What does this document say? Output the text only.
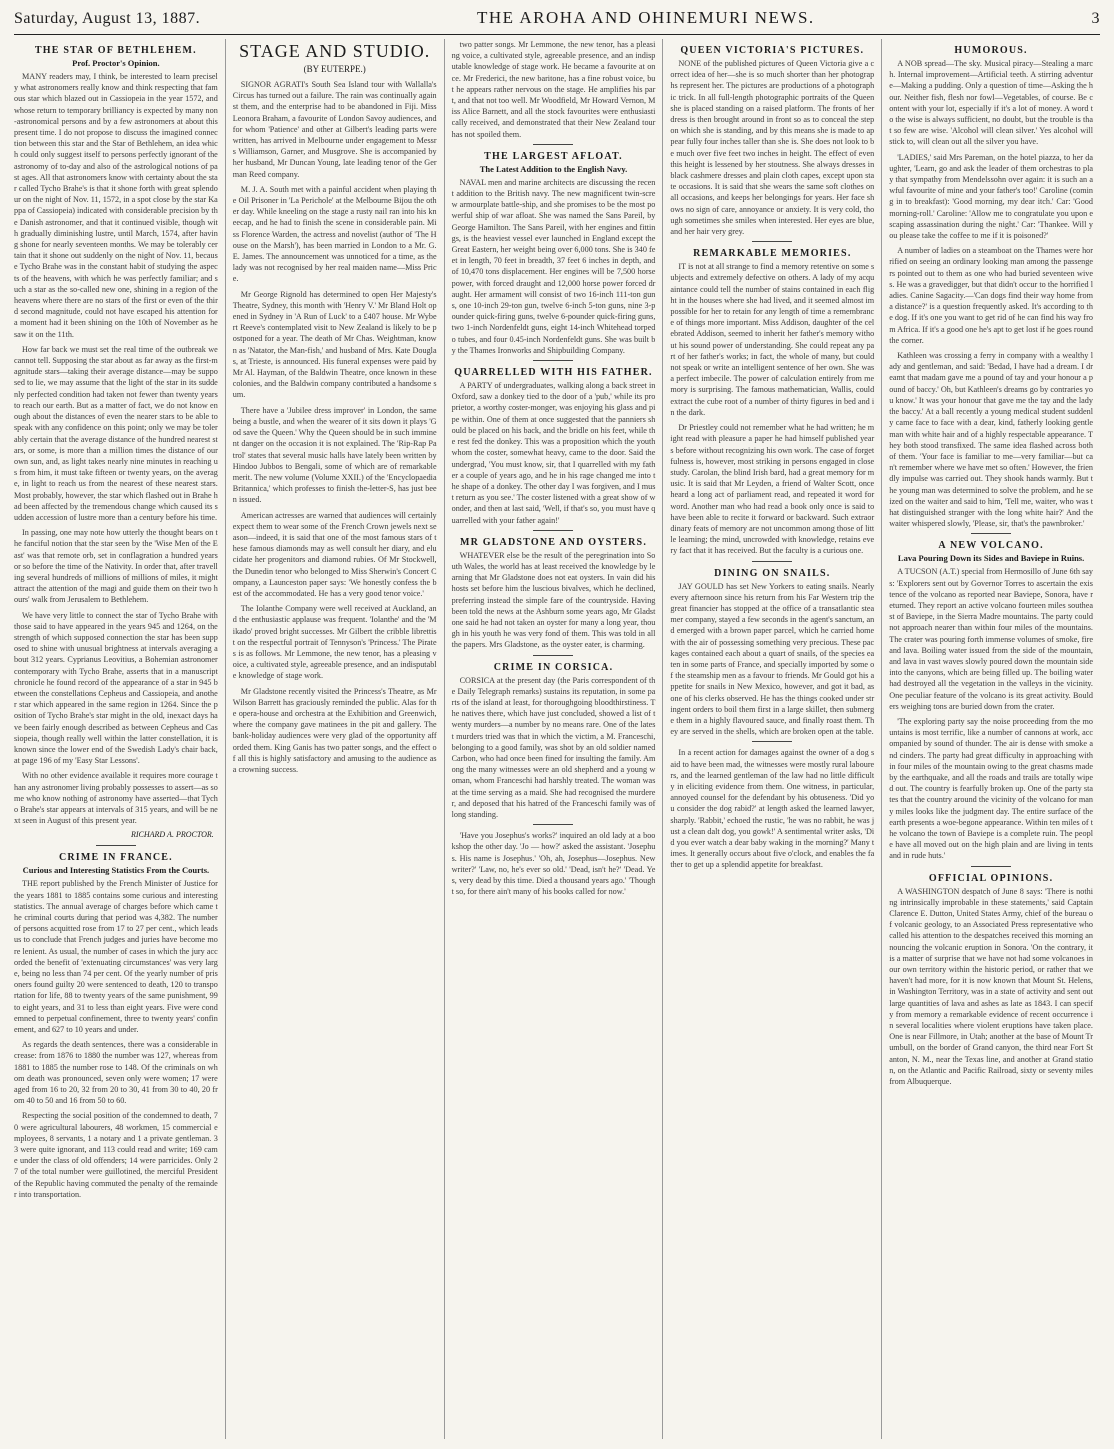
Saturday, August 13, 1887.	THE AROHA AND OHINEMURI NEWS.	3
THE STAR OF BETHLEHEM.
Prof. Proctor's Opinion.

MANY readers may, I think, be interested to learn precisely what astronomers really know and think respecting that famous star which blazed out in Cassiopeia in the year 1572, and whose return to temporary brilliancy is expected by many non-astronomical persons and by a few astronomers at about this present time. I do not propose to discuss the imagined connection between this star and the Star of Bethlehem, an idea which could only suggest itself to persons perfectly ignorant of the astronomy of to-day and also of the astrological notions of past ages. All that astronomers know with certainty about the star called Tycho Brahe's is that it shone forth with great splendour on the night of Nov. 11, 1572, in a spot close by the star Kappa of Cassiopeia) indicated with considerable precision by the Danish astronomer, and that it continued visible, though with gradually diminishing lustre, until March, 1574, after having shone for nearly seventeen months. We may be tolerably certain that it shone out suddenly on the night of Nov. 11, because Tycho Brahe was in the constant habit of studying the aspects of the heavens, with which he was perfectly familiar; and such a star as the so-called new one, shining in a region of the heavens where there are no stars of the first or even of the third second magnitude, could not have escaped his attention for a moment had it been shining on the 10th of November as he saw it on the 11th.

How far back we must set the real time of the outbreak we cannot tell. Supposing the star about as far away as the first-magnitude stars—taking their average distance—may be supposed to lie, we may assume that the light of the star in its suddenly perfected condition had taken not fewer than twenty years to reach our earth. But as a matter of fact, we do not know enough about the distances of even the nearer stars to be able to speak with any confidence on this point; only we may be tolerably certain that the average distance of the hundred nearest stars, or some, is more than a million times the distance of our own sun, and, as light takes nearly nine minutes in reaching us from him, it must take fifteen or twenty years, on the average, in light to reach us from the nearest of these nearest stars. Most probably, however, the star which flashed out in Brahe had been affected by the tremendous change which caused its sudden accession of lustre more than a century before his time.

In passing, one may note how utterly the thought bears on the fanciful notion that the star seen by the 'Wise Men of the East' was that remote orb, set in conflagration a hundred years or so before the time of the Nativity. In order that, after travelling several hundreds of millions of millions of miles, it might attract the attention of the magi and guide them on their two hours' walk from Jerusalem to Bethlehem.

We have very little to connect the star of Tycho Brahe with those said to have appeared in the years 945 and 1264, on the strength of which supposed connection the star has been supposed to shine with unusual brightness at intervals averaging about 312 years. Cyprianus Leovitius, a Bohemian astronomer contemporary with Tycho Brahe, asserts that in a manuscript chronicle he found record of the appearance of a star in 945 between the constellations Cepheus and Cassiopeia, and another star which appeared in the same region in 1264. Since the position of Tycho Brahe's star might in the old, inexact days have been fairly enough described as between Cepheus and Cassiopeia, though really well within the latter constellation, it is known since the lower end of the Swedish Lady's chair back, at page 196 of my 'Easy Star Lessons'.

With no other evidence available it requires more courage than any astronomer living probably possesses to assert—as some who know nothing of astronomy have asserted—that Tycho Brahe's star appears at intervals of 315 years, and will be next seen in August of this present year.

RICHARD A. PROCTOR.
CRIME IN FRANCE.
Curious and Interesting Statistics From the Courts.

THE report published by the French Minister of Justice for the years 1881 to 1885 contains some curious and interesting statistics. The annual average of charges before which came the criminal courts during that period was 4,382. The number of persons acquitted rose from 17 to 27 per cent., which leads us to conclude that French judges and juries have become more lenient. As usual, the number of cases in which the jury accorded the benefit of 'extenuating circumstances' was very large, being no less than 74 per cent. Of the yearly number of prisoners found guilty 20 were sentenced to death, 120 to transportation for life, 88 to twenty years of the same punishment, 99 to eight years, and 31 to less than eight years. Five were condemned to perpetual confinement, three to twenty years' confinement, and 627 to 10 years and under.

As regards the death sentences, there was a considerable increase: from 1876 to 1880 the number was 127, whereas from 1881 to 1885 the number rose to 148. Of the criminals on whom death was pronounced, seven only were women; 17 were aged from 16 to 20, 32 from 20 to 30, 41 from 30 to 40, 20 from 40 to 50 and 16 from 50 to 60.

Respecting the social position of the condemned to death, 70 were agricultural labourers, 48 workmen, 15 commercial employees, 8 servants, 1 a notary and 1 a private gentleman. 33 were quite ignorant, and 113 could read and write; 169 came under the class of old offenders; 14 were parricides. Only 27 of the total number were guillotined, the merciful President of the Republic having commuted the penalty of the remainder into transportation.

STAGE AND STUDIO.
(BY EUTERPE.)

SIGNOR AGRATI's South Sea Island tour with Wallalla's Circus has turned out a failure. The rain was continually against them, and the enterprise had to be abandoned in Fiji. Miss Leonora Braham, a favourite of London Savoy audiences, and for whom 'Patience' and other at Gilbert's leading parts were written, has arrived in Melbourne under engagement to Messrs Williamson, Garner, and Musgrove. She is accompanied by her husband, Mr Duncan Young, late leading tenor of the German Reed company.

M. J. A. South met with a painful accident when playing the Oil Prisoner in 'La Perichole' at the Melbourne Bijou the other day. While kneeling on the stage a rusty nail ran into his kneecap, and he had to finish the scene in considerable pain. Miss Florence Warden, the actress and novelist (author of 'The House on the Marsh'), has been married in London to a Mr. G. E. James. The announcement was unnoticed for a time, as the lady was not recognised by her real maiden name—Miss Price.

Mr George Rignold has determined to open Her Majesty's Theatre, Sydney, this month with 'Henry V.' Mr Bland Holt opened in Sydney in 'A Run of Luck' to a £407 house. Mr Wybert Reeve's contemplated visit to New Zealand is likely to be postponed for a year. The death of Mr Chas. Weightman, known as 'Natator, the Man-fish,' and husband of Mrs. Kate Douglas, at Trieste, is announced. His funeral expenses were paid by Mr Al. Hayman, of the Baldwin Theatre, once known in these colonies, and the Baldwin company contributed a handsome sum.

There have a 'Jubilee dress improver' in London, the same being a bustle, and when the wearer of it sits down it plays 'God save the Queen.' Why the Queen should be in such imminent danger on the occasion it is not explained. The 'Rip-Rap Patrol' states that several music halls have lately been written by Hindoo Jubbos to Bengali, some of which are of remarkable merit. The new volume (Volume XXII.) of the 'Encyclopaedia Britannica,' which professes to finish the-letter-S, has just been issued.

American actresses are warned that audiences will certainly expect them to wear some of the French Crown jewels next season—indeed, it is said that one of the most famous stars of these famous diamonds may as well consult her diary, and elucidate her progenitors and diamond rubies. Of Mr Stockwell, the Dunedin tenor who belonged to Miss Sherwin's Concert Company, a Launceston paper says: 'We honestly confess the best of the accommodated. He has a very good tenor voice.'

The Iolanthe Company were well received at Auckland, and the enthusiastic applause was frequent. 'Iolanthe' and the 'Mikado' proved bright successes. Mr Gilbert the cribble librettist on the respectful portrait of Tennyson's 'Princess.' The Pirates is as follows. Mr Lemmone, the new tenor, has a pleasing voice, a cultivated style, agreeable presence, and an indisputable knowledge of stage work.

Mr Gladstone recently visited the Princess's Theatre, as Mr Wilson Barrett has graciously reminded the public. Alas for the opera-house and orchestra at the Exhibition and Greenwich, where the company gave matinees in the pit and gallery. The bank-holiday audiences were very glad of the opportunity afforded them. King Ganis has two patter songs, and the effect of all this is highly satisfactory and amusing to the audience as a crowning success.

two patter songs. Mr Lemmone, the new tenor, has a pleasing voice, a cultivated style, agreeable presence, and an indisputable knowledge of stage work. He became a favourite at once. Mr Frederici, the new baritone, has a fine robust voice, but he appears rather nervous on the stage. He amplifies his part, and that not too well. Mr Woodfield, Mr Howard Vernon, Miss Alice Barnett, and all the stock favourites were enthusiastically received, and demonstrated that their New Zealand tour has not spoiled them.

THE LARGEST AFLOAT.
The Latest Addition to the English Navy.

NAVAL men and marine architects are discussing the recent addition to the British navy. The new magnificent twin-screw armourplate battle-ship, and she promises to be the most powerful ship of war afloat. She was named the Sans Pareil, by George Hamilton. The Sans Pareil, with her engines and fittings, is the heaviest vessel ever launched in England except the Great Eastern, her weight being over 6,000 tons. She is 340 feet in length, 70 feet in breadth, 37 feet 6 inches in depth, and of 10,470 tons displacement. Her engines will be 7,500 horse power, with forced draught and 12,000 horse power forced draught. Her armament will consist of two 16-inch 111-ton guns, one 10-inch 29-ton gun, twelve 6-inch 5-ton guns, nine 3-pounder quick-firing guns, twelve 6-pounder quick-firing guns, two 1-inch Nordenfeldt guns, eight 14-inch Whitehead torpedo tubes, and four 0.45-inch Nordenfeldt guns. She was built by the Thames Ironworks and Shipbuilding Company.

QUARRELLED WITH HIS FATHER.

A PARTY of undergraduates, walking along a back street in Oxford, saw a donkey tied to the door of a 'pub,' while its proprietor, a worthy coster-monger, was enjoying his glass and pipe within. One of them at once suggested that the panniers should be placed on his back, and the bridle on his feet, while the rest fed the donkey. This was a proposition which the youth whom the coster, somewhat heavy, came to the door. Said the undergrad, 'You must know, sir, that I quarrelled with my father a couple of years ago, and he in his rage changed me into the shape of a donkey. The other day I was forgiven, and I must return as you see.' The coster listened with a great show of wonder, and then at last said, 'Well, if that's so, you must have quarrelled with your father again!'

MR GLADSTONE AND OYSTERS.

WHATEVER else be the result of the peregrination into South Wales, the world has at least received the knowledge by learning that Mr Gladstone does not eat oysters. In vain did his hosts set before him the luscious bivalves, which he declined, preferring instead the simple fare of the countryside. Having been told the news at the Ashburn some years ago, Mr Gladstone said he had not taken an oyster for many a long year, though in his youth he was very fond of them. This was told in all the papers. Mrs Gladstone, as the oyster eater, is charming.

CRIME IN CORSICA.

CORSICA at the present day (the Paris correspondent of the Daily Telegraph remarks) sustains its reputation, in some parts of the island at least, for thoroughgoing bloodthirstiness. The natives there, which have just concluded, showed a list of twenty murders—a number by no means rare. One of the latest murders tried was that in which the victim, a M. Franceschi, belonging to a good family, was shot by an old soldier named Carbon, who had once been fined for insulting the family. Among the many witnesses were an old shepherd and a young woman, whom Franceschi had harshly treated. The woman was at the time serving as a maid. She had recognised the murderer, and deposed that his hatred of the Franceschi family was of long standing.

'Have you Josephus's works?' inquired an old lady at a bookshop the other day. 'Jo — how?' asked the assistant. 'Josephus. His name is Josephus.' 'Oh, ah, Josephus—Josephus. New writer?' 'Law, no, he's ever so old.' 'Dead, isn't he?' 'Dead. Yes, very dead by this time. Died a thousand years ago.' 'Thought so, for there ain't many of his books called for now.'

QUEEN VICTORIA'S PICTURES.

NONE of the published pictures of Queen Victoria give a correct idea of her—she is so much shorter than her photographs represent her. The pictures are productions of a photographic trick. In all full-length photographic portraits of the Queen she is placed standing on a raised platform. The fronts of her dress is then brought around in front so as to conceal the step on which she is standing, and by this means she is made to appear fully four inches taller than she is. She does not look to be much over five feet two inches in height. The effect of even this height is lessened by her stoutness. She always dresses in black cashmere dresses and plain cloth capes, except upon state occasions. It is said that she wears the same soft clothes on all occasions, and keeps her belongings for years. Her face shows no sign of care, annoyance or anxiety. It is very cold, though sometimes she smiles when interested. Her eyes are blue, and her hair very grey.

REMARKABLE MEMORIES.

IT is not at all strange to find a memory retentive on some subjects and extremely defective on others. A lady of my acquaintance could tell the number of stains contained in each flight in the houses where she had lived, and it seemed almost impossible for her to retain for any length of time a remembrance of things more important. Miss Addison, daughter of the celebrated Addison, seemed to inherit her father's memory without his sound power of understanding. She could repeat any part of her father's works; in fact, the whole of many, but could not speak or write an intelligent sentence of her own. She was a perfect imbecile. The power of calculation entirely from memory is surprising. The famous mathematician, Wallis, could extract the cube root of a number of thirty figures in bed and in the dark.

Dr Priestley could not remember what he had written; he might read with pleasure a paper he had himself published years before without recognizing his own work. The case of forgetfulness is, however, most striking in persons engaged in close study. Carolan, the blind Irish bard, had a great memory for music. It is said that Mr Leyden, a friend of Walter Scott, once heard a long act of parliament read, and repeated it word for word. Another man who had read a book only once is said to have been able to recite it forward or backward. Such extraordinary feats of memory are not uncommon among those of little learning; the mind, uncrowded with knowledge, retains every fact that it has received. But the faculty is a curious one.

DINING ON SNAILS.

JAY GOULD has set New Yorkers to eating snails. Nearly every afternoon since his return from his Far Western trip the great financier has stopped at the office of a transatlantic steamer company, stayed a few seconds in the agent's sanctum, and emerged with a brown paper parcel, which he carried home with the air of possessing something very precious. These packages contained each about a quart of snails, of the species eaten in some parts of France, and specially imported by some of the steamship men as a favour to friends. Mr Gould got his appetite for snails in New Mexico, however, and got it bad, as one of his clerks observed. He has the things cooked under stringent orders to boil them first in a large skillet, then submerge them in a highly flavoured sauce, and finally roast them. They are served in the shells, which are broken open at the table.

In a recent action for damages against the owner of a dog said to have been mad, the witnesses were mostly rural labourers, and the learned gentleman of the law had no little difficulty in eliciting evidence from them. One witness, in particular, annoyed counsel for the defendant by his obtuseness. 'Did you consider the dog rabid?' at length asked the learned lawyer, sharply. 'Rabbit,' echoed the rustic, 'he was no rabbit, he was just a clean dalt dog, you gowk!' A sentimental writer asks, 'Did you ever watch a dear baby waking in the morning?' Many times. It generally occurs about five o'clock, and enables the father to get up a splendid appetite for breakfast.

HUMOROUS.

A NOB spread—The sky. Musical piracy—Stealing a march. Internal improvement—Artificial teeth. A stirring adventure—Making a pudding. Only a question of time—Asking the hour. Neither fish, flesh nor fowl—Vegetables, of course. Be content with your lot, especially if it's a lot of money. A word to the wise is always sufficient, no doubt, but the trouble is that so few are wise. 'Alcohol will clean silver.' Yes alcohol will stick to, will clean out all the silver you have.

'LADIES,' said Mrs Pareman, on the hotel piazza, to her daughter, 'Learn, go and ask the leader of them orchestras to play that sympathy from Mendelssohn over again: it is such an awful favourite of mine and your father's too!' Caroline (coming in to breakfast): 'Good morning, my dear itch.' Car: 'Good morning-roll.' Caroline: 'Allow me to congratulate you upon escaping assassination during the night.' Car: 'Thankee. Will you please take the coffee to me if it is poisoned?'

A number of ladies on a steamboat on the Thames were horrified on seeing an ordinary looking man among the passengers pointed out to them as one who had buried seventeen wives. He was a gravedigger, but that didn't occur to the horrified ladies. Canine Sagacity.—'Can dogs find their way home from a distance?' is a question frequently asked. It's according to the dog. If it's one you want to get rid of he can find his way from Africa. If it's a good one he's apt to get lost if he goes round the corner.

Kathleen was crossing a ferry in company with a wealthy lady and gentleman, and said: 'Bedad, I have had a dream. I dreamt that madam gave me a pound of tay and your honour a pound of baccy.' Oh, but Kathleen's dreams go by contraries you know.' It was your honour that gave me the tay and the lady the baccy.' At a ball recently a young medical student suddenly came face to face with a dear, kind, fatherly looking gentleman with white hair and of a highly respectable appearance. They both stood transfixed. The same idea flashed across both of them. 'Your face is familiar to me—very familiar—but can't remember where we have met so often.' However, the friendly impulse was carried out. They shook hands warmly. But the young man was determined to solve the problem, and he seized on the waiter and said to him, 'Tell me, waiter, who was that distinguished stranger with the long white hair?' And the waiter whispered slowly, 'Please, sir, that's the pawnbroker.'

A NEW VOLCANO.
Lava Pouring Down its Sides and Baviepe in Ruins.

A TUCSON (A.T.) special from Hermosillo of June 6th says: 'Explorers sent out by Governor Torres to ascertain the existence of the volcano as reported near Baviepe, Sonora, have returned. They report an active volcano fourteen miles southeast of Baviepe, in the Sierra Madre mountains. The party could not approach nearer than within four miles of the mountains. The crater was pouring forth immense volumes of smoke, fire and lava. Boiling water issued from the side of the mountain, and lava in vast waves slowly poured down the mountain side into the canyons, which are being filled up. The boiling water had destroyed all the vegetation in the valleys in the vicinity. One peculiar feature of the volcano is its great activity. Boulders weighing tons are buried down from the crater.

'The exploring party say the noise proceeding from the mountains is most terrific, like a number of cannons at work, accompanied by sound of thunder. The air is dense with smoke and cinders. The party had great difficulty in approaching within four miles of the mountain owing to the great chasms made by the earthquake, and all the roads and trails are totally wiped out. The country is fearfully broken up. One of the party states that the country around the vicinity of the volcano for many miles looks like the judgment day. The entire surface of the earth presents a woe-begone appearance. Within ten miles of the volcano the town of Baviepe is a complete ruin. The people have all moved out on the high plain and are living in tents and in rude huts.'

OFFICIAL OPINIONS.

A WASHINGTON despatch of June 8 says: 'There is nothing intrinsically improbable in these statements,' said Captain Clarence E. Dutton, United States Army, chief of the bureau of volcanic geology, to an Associated Press representative who called his attention to the despatches received this morning announcing the volcanic eruption in Sonora. 'On the contrary, it is a matter of surprise that we have not had some volcanoes in our own territory within the historic period, or rather that we haven't had more, for it is now known that Mount St. Helens, in Washington Territory, was in a state of activity and sent out large quantities of lava and ashes as late as 1843. I can specify from memory a remarkable evidence of recent occurrence in several localities where violent eruptions have taken place. One is near Fillmore, in Utah; another at the base of Mount Trumbull, on the border of Grand canyon, the third near Fort Stanton, N. M., near the Texas line, and another at Grand station, on the Atlantic and Pacific Railroad, sixty or seventy miles from Albuquerque.
